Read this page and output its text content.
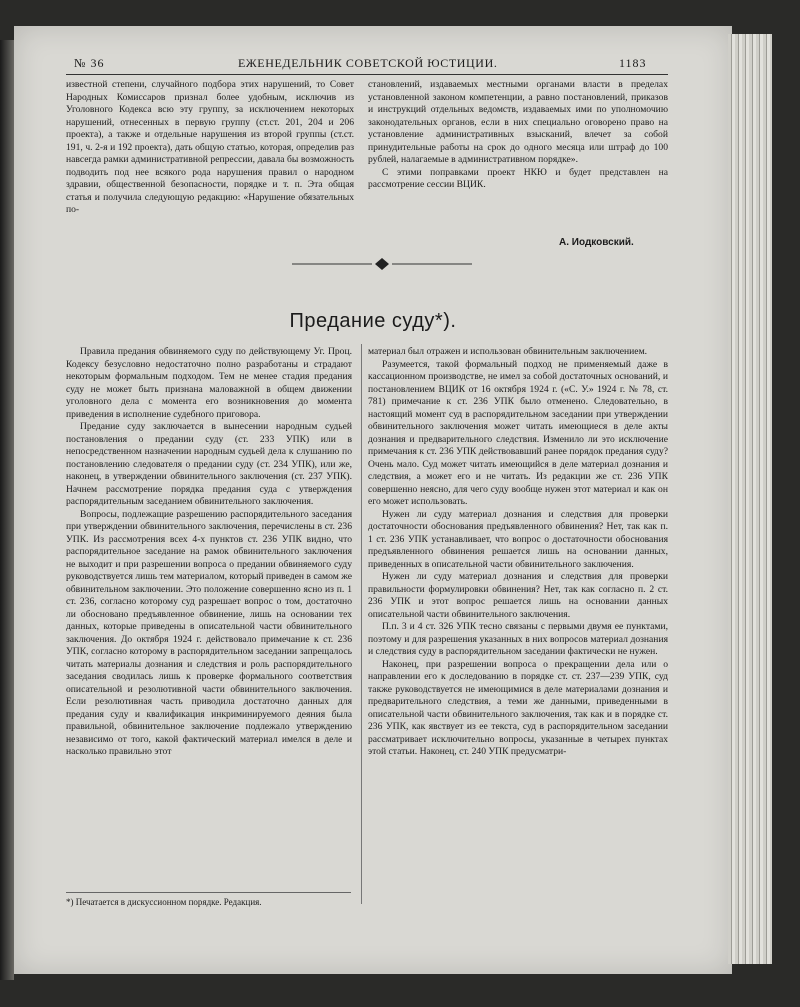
№ 36	ЕЖЕНЕДЕЛЬНИК СОВЕТСКОЙ ЮСТИЦИИ.	1183

известной степени, случайного подбора этих нарушений, то Совет Народных Комиссаров признал более удобным, исключив из Уголовного Кодекса всю эту группу, за исключением некоторых нарушений, отнесенных в первую группу (ст.ст. 201, 204 и 206 проекта), а также и отдельные нарушения из второй группы (ст.ст. 191, ч. 2-я и 192 проекта), дать общую статью, которая, определив раз навсегда рамки административной репрессии, давала бы возможность подводить под нее всякого рода нарушения правил о народном здравии, общественной безопасности, порядке и т. п. Эта общая статья и получила следующую редакцию: «Нарушение обязательных по-

становлений, издаваемых местными органами власти в пределах установленной законом компетенции, а равно постановлений, приказов и инструкций отдельных ведомств, издаваемых ими по уполномочию законодательных органов, если в них специально оговорено право на установление административных взысканий, влечет за собой принудительные работы на срок до одного месяца или штраф до 100 рублей, налагаемые в административном порядке».

С этими поправками проект НКЮ и будет представлен на рассмотрение сессии ВЦИК.

А. Иодковский.
Предание суду*).

Правила предания обвиняемого суду по действующему Уг. Проц. Кодексу безусловно недостаточно полно разработаны и страдают некоторым формальным подходом. Тем не менее стадия предания суду не может быть признана маловажной в общем движении уголовного дела с момента его возникновения до момента приведения в исполнение судебного приговора.

Предание суду заключается в вынесении народным судьей постановления о предании суду (ст. 233 УПК) или в непосредственном назначении народным судьей дела к слушанию по постановлению следователя о предании суду (ст. 234 УПК), или же, наконец, в утверждении обвинительного заключения (ст. 237 УПК). Начнем рассмотрение порядка предания суда с утверждения распорядительным заседанием обвинительного заключения.

Вопросы, подлежащие разрешению распорядительного заседания при утверждении обвинительного заключения, перечислены в ст. 236 УПК. Из рассмотрения всех 4-х пунктов ст. 236 УПК видно, что распорядительное заседание на рамок обвинительного заключения не выходит и при разрешении вопроса о предании обвиняемого суду руководствуется лишь тем материалом, который приведен в самом же обвинительном заключении. Это положение совершенно ясно из п. 1 ст. 236, согласно которому суд разрешает вопрос о том, достаточно ли обосновано предъявленное обвинение, лишь на основании тех данных, которые приведены в описательной части обвинительного заключения. До октября 1924 г. действовало примечание к ст. 236 УПК, согласно которому в распорядительном заседании запрещалось читать материалы дознания и следствия и роль распорядительного заседания сводилась лишь к проверке формального соответствия описательной и резолютивной части обвинительного заключения. Если резолютивная часть приводила достаточно данных для предания суду и квалификация инкриминируемого деяния была правильной, обвинительное заключение подлежало утверждению независимо от того, какой фактический материал имелся в деле и насколько правильно этот

материал был отражен и использован обвинительным заключением.

Разумеется, такой формальный подход не применяемый даже в кассационном производстве, не имел за собой достаточных оснований, и постановлением ВЦИК от 16 октября 1924 г. («С. У.» 1924 г. № 78, ст. 781) примечание к ст. 236 УПК было отменено. Следовательно, в настоящий момент суд в распорядительном заседании при утверждении обвинительного заключения может читать имеющиеся в деле акты дознания и предварительного следствия. Изменило ли это исключение примечания к ст. 236 УПК действовавший ранее порядок предания суду? Очень мало. Суд может читать имеющийся в деле материал дознания и следствия, а может его и не читать. Из редакции же ст. 236 УПК совершенно неясно, для чего суду вообще нужен этот материал и как он его может использовать.

Нужен ли суду материал дознания и следствия для проверки достаточности обоснования предъявленного обвинения? Нет, так как п. 1 ст. 236 УПК устанавливает, что вопрос о достаточности обоснования предъявленного обвинения решается лишь на основании данных, приведенных в описательной части обвинительного заключения.

Нужен ли суду материал дознания и следствия для проверки правильности формулировки обвинения? Нет, так как согласно п. 2 ст. 236 УПК и этот вопрос решается лишь на основании данных описательной части обвинительного заключения.

П.п. 3 и 4 ст. 326 УПК тесно связаны с первыми двумя ее пунктами, поэтому и для разрешения указанных в них вопросов материал дознания и следствия суду в распорядительном заседании фактически не нужен.

Наконец, при разрешении вопроса о прекращении дела или о направлении его к доследованию в порядке ст. ст. 237—239 УПК, суд также руководствуется не имеющимися в деле материалами дознания и предварительного следствия, а теми же данными, приведенными в описательной части обвинительного заключения, так как и в порядке ст. 236 УПК, как явствует из ее текста, суд в распорядительном заседании рассматривает исключительно вопросы, указанные в четырех пунктах этой статьи. Наконец, ст. 240 УПК предусматри-

*) Печатается в дискуссионном порядке. Редакция.
